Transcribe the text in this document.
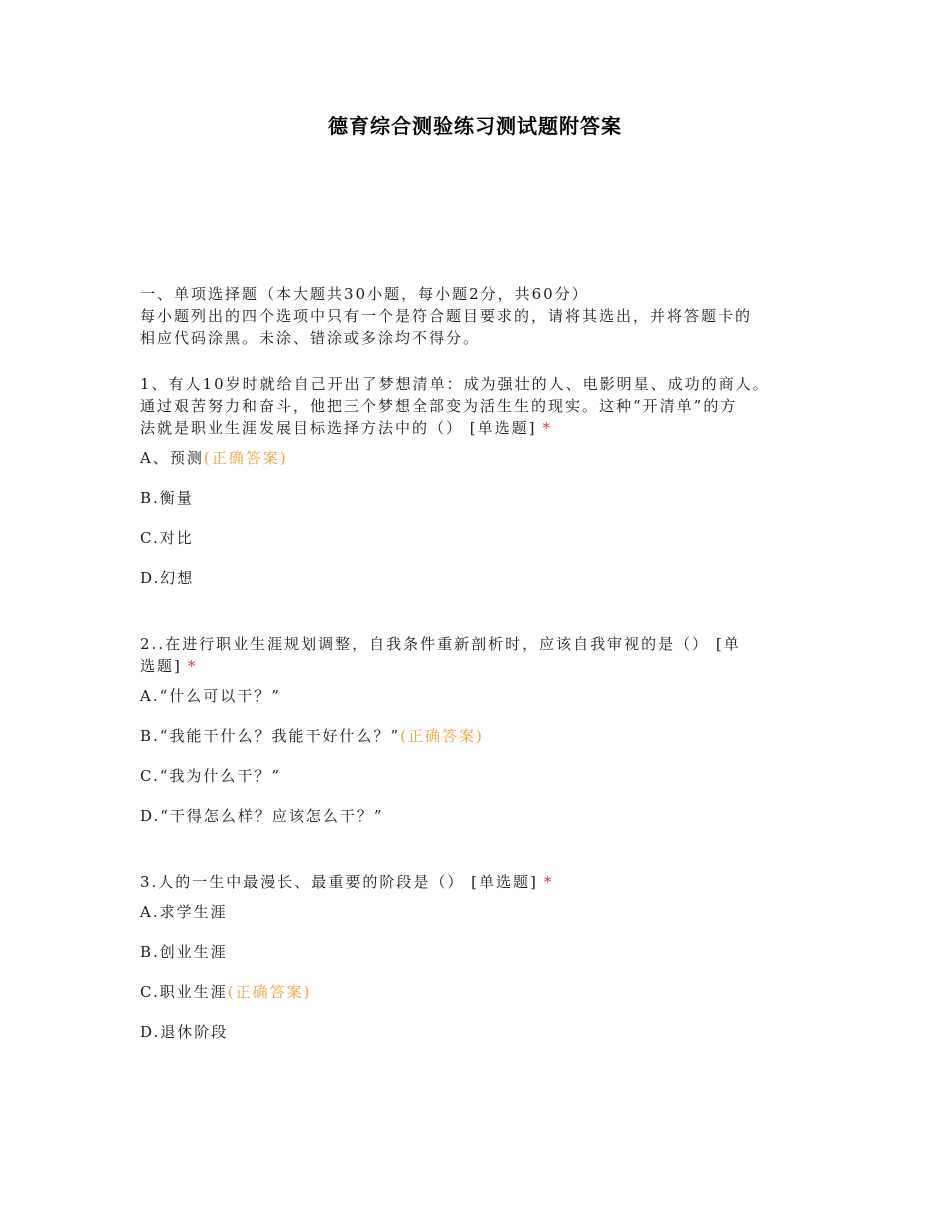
德育综合测验练习测试题附答案

一、单项选择题（本大题共30小题，每小题2分，共60分）

每小题列出的四个选项中只有一个是符合题目要求的，请将其选出，并将答题卡的

相应代码涂黑。未涂、错涂或多涂均不得分。

1、有人10岁时就给自己开出了梦想清单：成为强壮的人、电影明星、成功的商人。
通过艰苦努力和奋斗，他把三个梦想全部变为活生生的现实。这种“开清单”的方
法就是职业生涯发展目标选择方法中的（） [单选题] *
A、预测(正确答案)
B.衡量
C.对比
D.幻想
2..在进行职业生涯规划调整，自我条件重新剖析时，应该自我审视的是（） [单
选题] *
A.“什么可以干？”
B.“我能干什么？我能干好什么？”(正确答案)
C.“我为什么干？”
D.“干得怎么样？应该怎么干？”
3.人的一生中最漫长、最重要的阶段是（） [单选题] *
A.求学生涯
B.创业生涯
C.职业生涯(正确答案)
D.退休阶段
